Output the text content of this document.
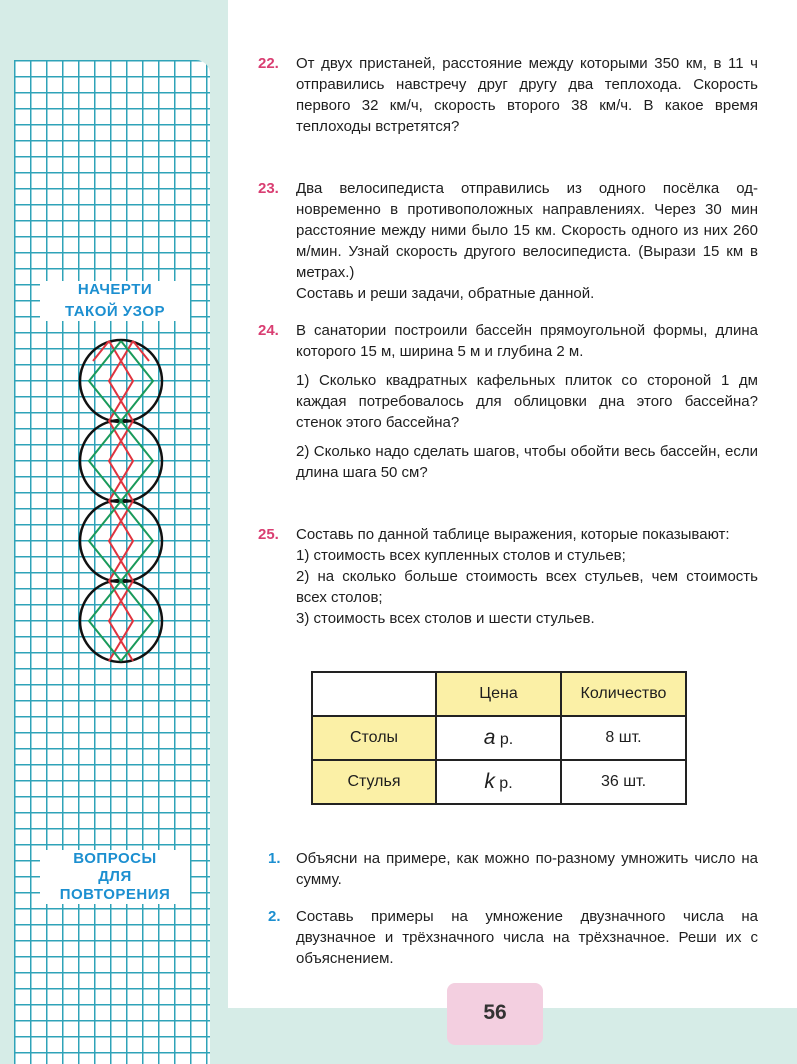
НАЧЕРТИ
ТАКОЙ УЗОР
ВОПРОСЫ
ДЛЯ
ПОВТОРЕНИЯ
22. От двух пристаней, расстояние между которыми 350 км, в 11 ч отправились навстречу друг другу два теплохода. Скорость первого 32 км/ч, скорость второго 38 км/ч. В какое время теплоходы встретятся?

23. Два велосипедиста отправились из одного посёлка одновременно в противоположных направлениях. Через 30 мин расстояние между ними было 15 км. Скорость одного из них 260 м/мин. Узнай скорость другого велосипедиста. (Вырази 15 км в метрах.)

Составь и реши задачи, обратные данной.

24. В санатории построили бассейн прямоугольной формы, длина которого 15 м, ширина 5 м и глубина 2 м.

1) Сколько квадратных кафельных плиток со стороной 1 дм каждая потребовалось для облицовки дна этого бассейна? стенок этого бассейна?

2) Сколько надо сделать шагов, чтобы обойти весь бассейн, если длина шага 50 см?

25. Составь по данной таблице выражения, которые показывают:

1) стоимость всех купленных столов и стульев;

2) на сколько больше стоимость всех стульев, чем стоимость всех столов;

3) стоимость всех столов и шести стульев.

	Цена	Количество
Столы	a р.	8 шт.
Стулья	k р.	36 шт.
1. Объясни на примере, как можно по-разному умножить число на сумму.

2. Составь примеры на умножение двузначного числа на двузначное и трёхзначного числа на трёхзначное. Реши их с объяснением.

56
